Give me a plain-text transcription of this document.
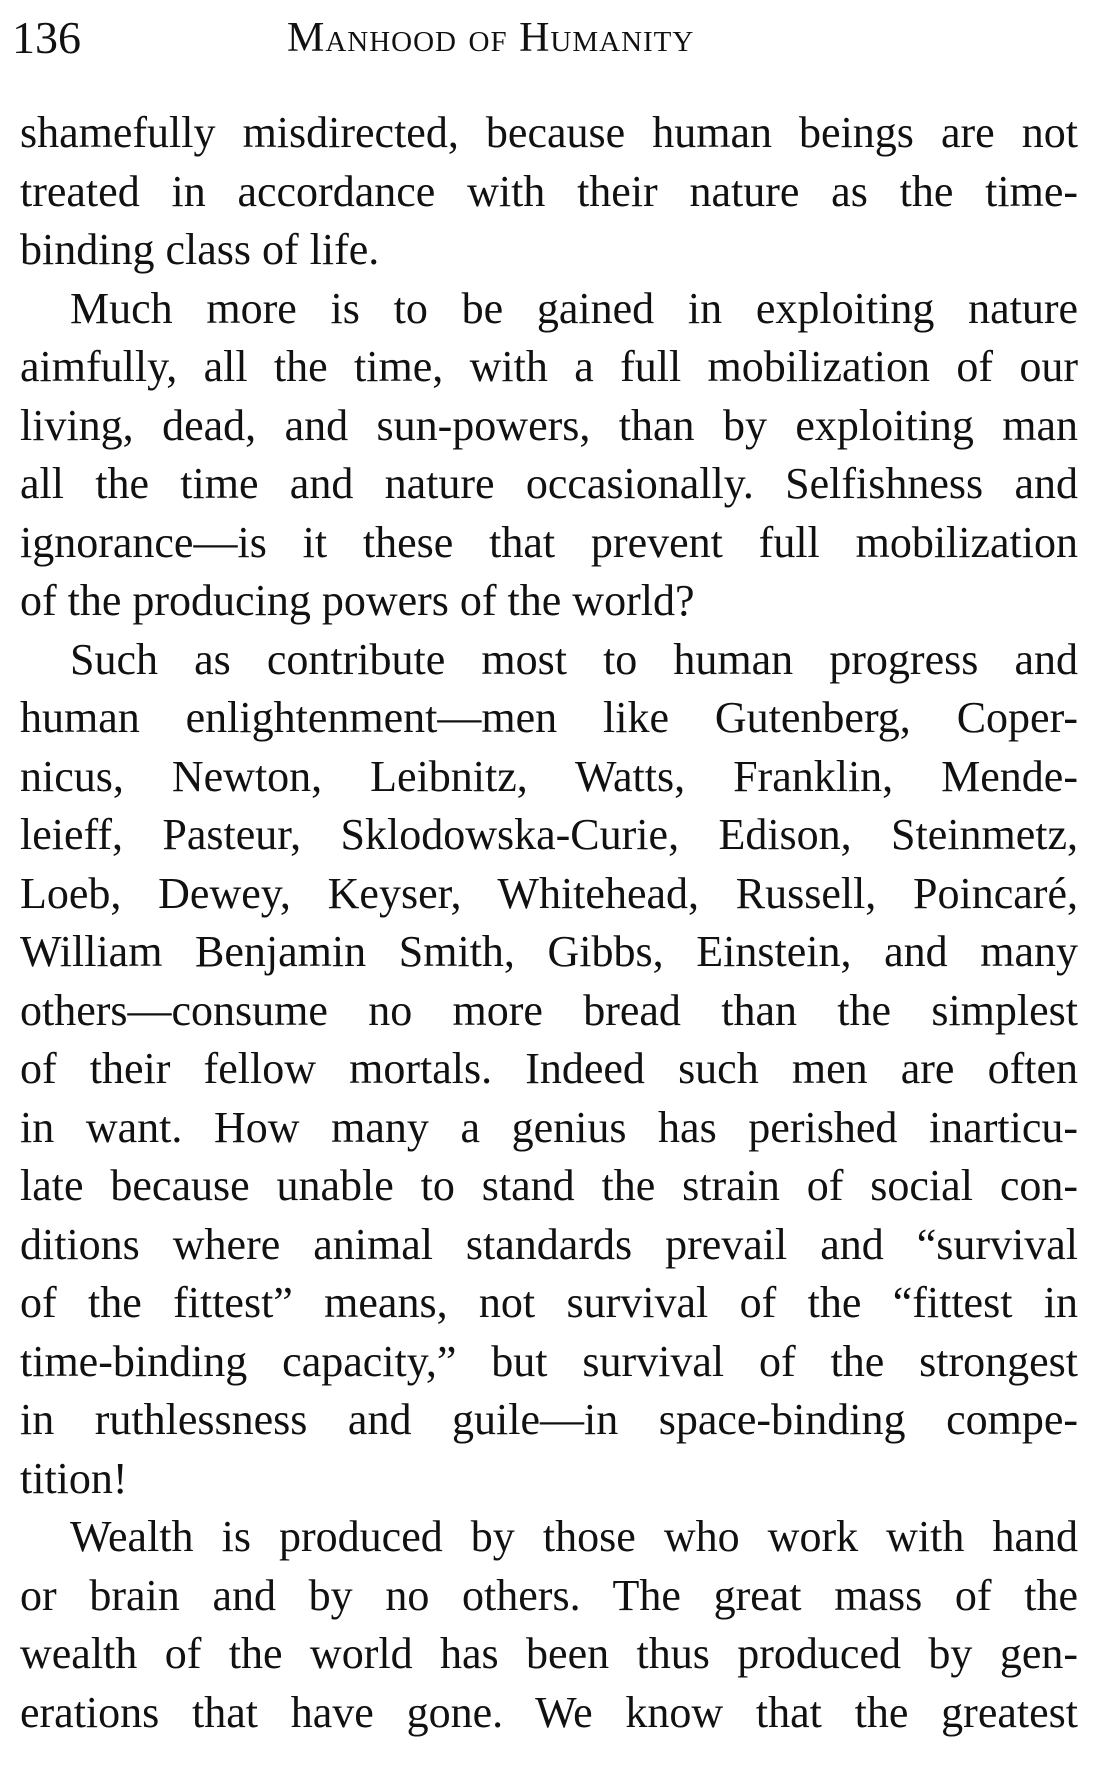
136	Manhood of Humanity
shamefully misdirected, because human beings are not
treated in accordance with their nature as the time-
binding class of life.
Much more is to be gained in exploiting nature
aimfully, all the time, with a full mobilization of our
living, dead, and sun-powers, than by exploiting man
all the time and nature occasionally. Selfishness and
ignorance—is it these that prevent full mobilization
of the producing powers of the world?
Such as contribute most to human progress and
human enlightenment—men like Gutenberg, Coper-
nicus, Newton, Leibnitz, Watts, Franklin, Mende-
leieff, Pasteur, Sklodowska-Curie, Edison, Steinmetz,
Loeb, Dewey, Keyser, Whitehead, Russell, Poincaré,
William Benjamin Smith, Gibbs, Einstein, and many
others—consume no more bread than the simplest
of their fellow mortals. Indeed such men are often
in want. How many a genius has perished inarticu-
late because unable to stand the strain of social con-
ditions where animal standards prevail and “survival
of the fittest” means, not survival of the “fittest in
time-binding capacity,” but survival of the strongest
in ruthlessness and guile—in space-binding compe-
tition!
Wealth is produced by those who work with hand
or brain and by no others. The great mass of the
wealth of the world has been thus produced by gen-
erations that have gone. We know that the greatest
